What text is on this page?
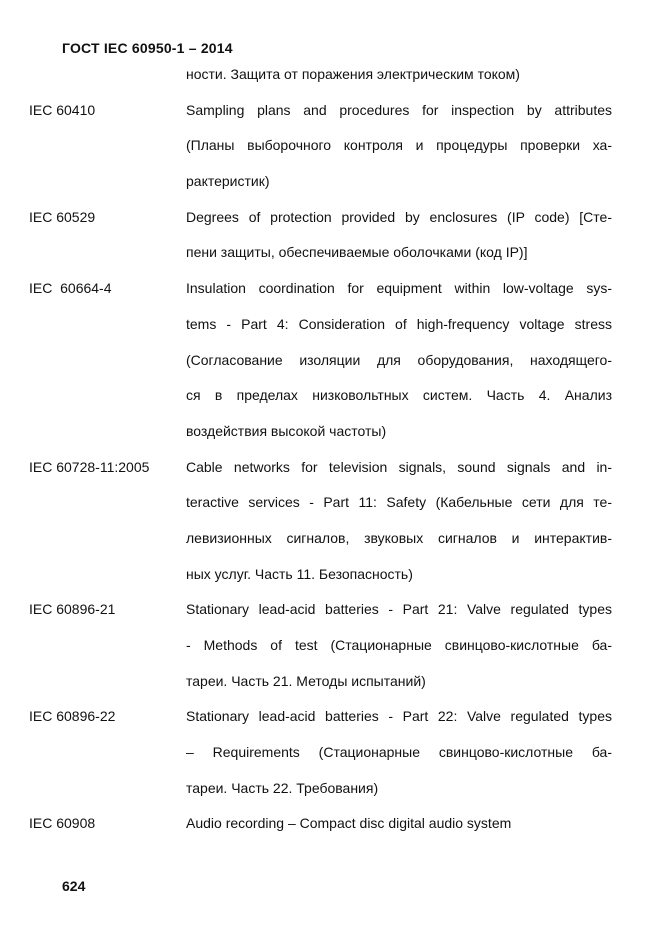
ГОСТ IEC 60950-1 – 2014
ности. Защита от поражения электрическим током)
IEC 60410	Sampling plans and procedures for inspection by attributes
(Планы выборочного контроля и процедуры проверки ха-
рактеристик)
IEC 60529	Degrees of protection provided by enclosures (IP code) [Сте-
пени защиты, обеспечиваемые оболочками (код IP)]
IEC  60664-4	Insulation coordination for equipment within low-voltage sys-
tems - Part 4: Consideration of high-frequency voltage stress
(Согласование изоляции для оборудования, находящего-
ся в пределах низковольтных систем. Часть 4. Анализ
воздействия высокой частоты)
IEC 60728-11:2005	Cable networks for television signals, sound signals and in-
teractive services - Part 11: Safety (Кабельные сети для те-
левизионных сигналов, звуковых сигналов и интерактив-
ных услуг. Часть 11. Безопасность)
IEC 60896-21	Stationary lead-acid batteries - Part 21: Valve regulated types
- Methods of test (Стационарные свинцово-кислотные ба-
тареи. Часть 21. Методы испытаний)
IEC 60896-22	Stationary lead-acid batteries - Part 22: Valve regulated types
– Requirements (Стационарные свинцово-кислотные ба-
тареи. Часть 22. Требования)
IEC 60908	Audio recording – Compact disc digital audio system
624
